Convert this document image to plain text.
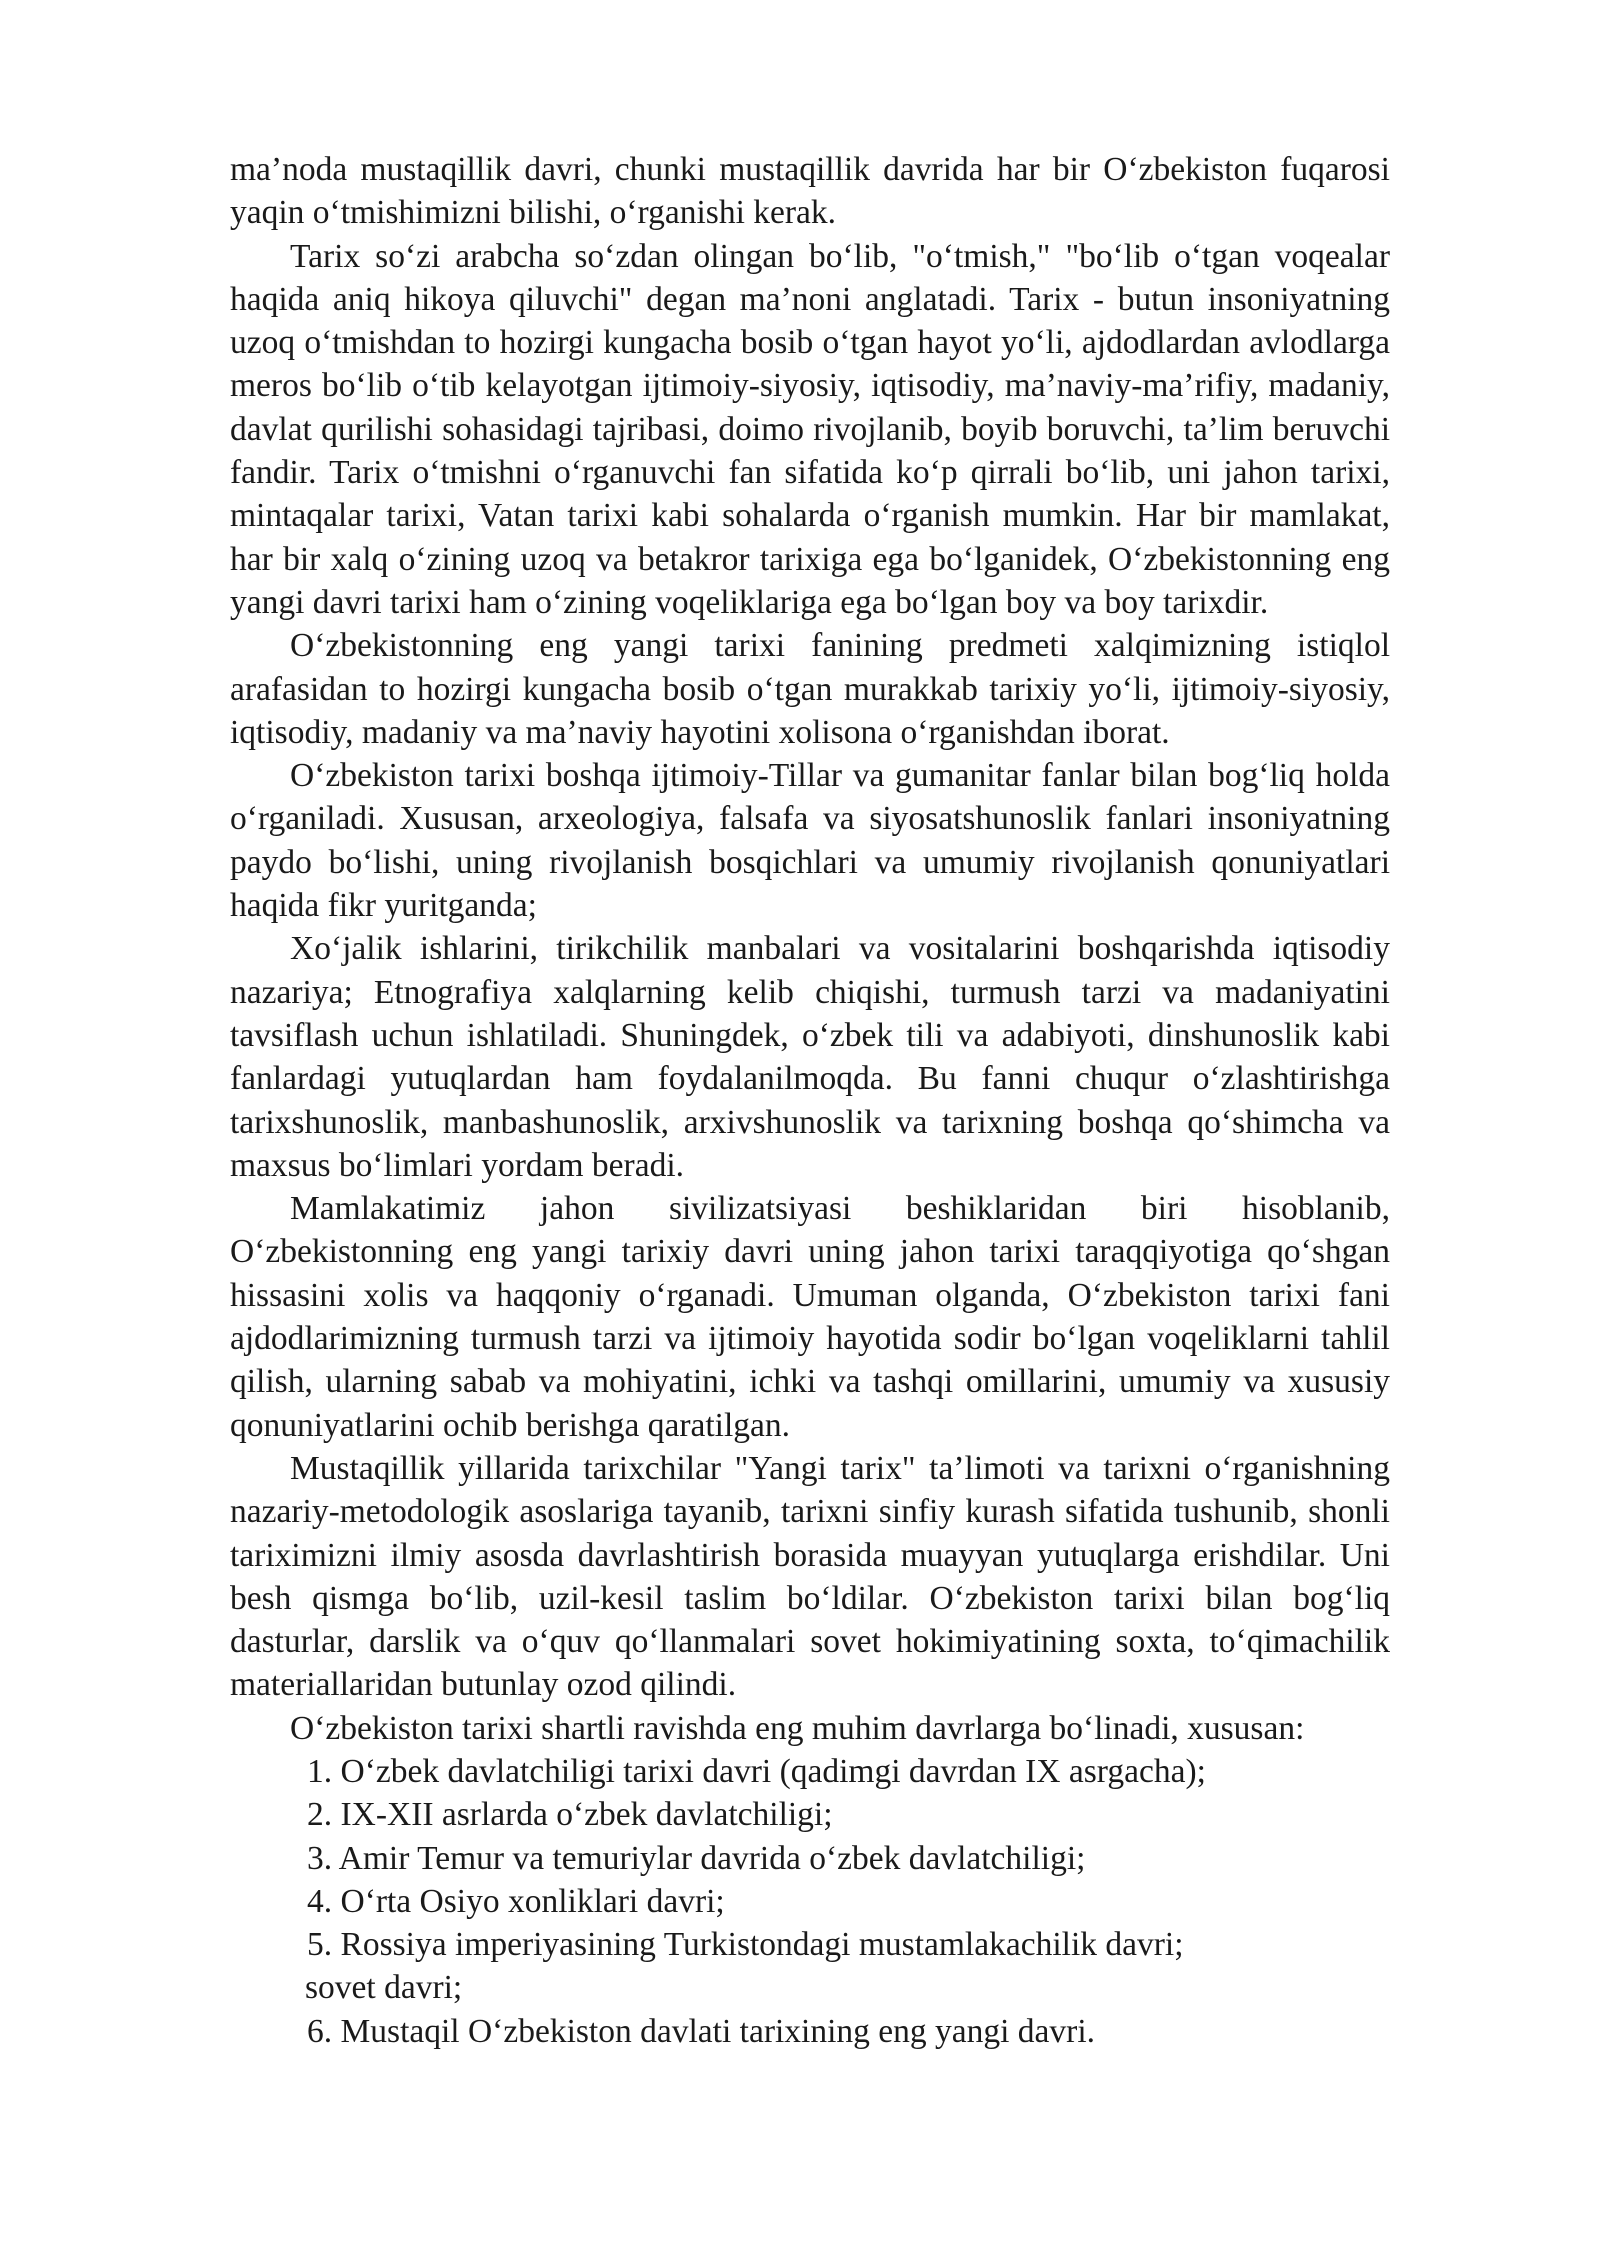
ma’noda mustaqillik davri, chunki mustaqillik davrida har bir O‘zbekiston fuqarosi yaqin o‘tmishimizni bilishi, o‘rganishi kerak.

Tarix so‘zi arabcha so‘zdan olingan bo‘lib, "o‘tmish," "bo‘lib o‘tgan voqealar haqida aniq hikoya qiluvchi" degan ma’noni anglatadi. Tarix - butun insoniyatning uzoq o‘tmishdan to hozirgi kungacha bosib o‘tgan hayot yo‘li, ajdodlardan avlodlarga meros bo‘lib o‘tib kelayotgan ijtimoiy-siyosiy, iqtisodiy, ma’naviy-ma’rifiy, madaniy, davlat qurilishi sohasidagi tajribasi, doimo rivojlanib, boyib boruvchi, ta’lim beruvchi fandir. Tarix o‘tmishni o‘rganuvchi fan sifatida ko‘p qirrali bo‘lib, uni jahon tarixi, mintaqalar tarixi, Vatan tarixi kabi sohalarda o‘rganish mumkin. Har bir mamlakat, har bir xalq o‘zining uzoq va betakror tarixiga ega bo‘lganidek, O‘zbekistonning eng yangi davri tarixi ham o‘zining voqeliklariga ega bo‘lgan boy va boy tarixdir.

O‘zbekistonning eng yangi tarixi fanining predmeti xalqimizning istiqlol arafasidan to hozirgi kungacha bosib o‘tgan murakkab tarixiy yo‘li, ijtimoiy-siyosiy, iqtisodiy, madaniy va ma’naviy hayotini xolisona o‘rganishdan iborat.

O‘zbekiston tarixi boshqa ijtimoiy-Tillar va gumanitar fanlar bilan bog‘liq holda o‘rganiladi. Xususan, arxeologiya, falsafa va siyosatshunoslik fanlari insoniyatning paydo bo‘lishi, uning rivojlanish bosqichlari va umumiy rivojlanish qonuniyatlari haqida fikr yuritganda;

Xo‘jalik ishlarini, tirikchilik manbalari va vositalarini boshqarishda iqtisodiy nazariya; Etnografiya xalqlarning kelib chiqishi, turmush tarzi va madaniyatini tavsiflash uchun ishlatiladi. Shuningdek, o‘zbek tili va adabiyoti, dinshunoslik kabi fanlardagi yutuqlardan ham foydalanilmoqda. Bu fanni chuqur o‘zlashtirishga tarixshunoslik, manbashunoslik, arxivshunoslik va tarixning boshqa qo‘shimcha va maxsus bo‘limlari yordam beradi.

Mamlakatimiz jahon sivilizatsiyasi beshiklaridan biri hisoblanib, O‘zbekistonning eng yangi tarixiy davri uning jahon tarixi taraqqiyotiga qo‘shgan hissasini xolis va haqqoniy o‘rganadi. Umuman olganda, O‘zbekiston tarixi fani ajdodlarimizning turmush tarzi va ijtimoiy hayotida sodir bo‘lgan voqeliklarni tahlil qilish, ularning sabab va mohiyatini, ichki va tashqi omillarini, umumiy va xususiy qonuniyatlarini ochib berishga qaratilgan.

Mustaqillik yillarida tarixchilar "Yangi tarix" ta’limoti va tarixni o‘rganishning nazariy-metodologik asoslariga tayanib, tarixni sinfiy kurash sifatida tushunib, shonli tariximizni ilmiy asosda davrlashtirish borasida muayyan yutuqlarga erishdilar. Uni besh qismga bo‘lib, uzil-kesil taslim bo‘ldilar. O‘zbekiston tarixi bilan bog‘liq dasturlar, darslik va o‘quv qo‘llanmalari sovet hokimiyatining soxta, to‘qimachilik materiallaridan butunlay ozod qilindi.

O‘zbekiston tarixi shartli ravishda eng muhim davrlarga bo‘linadi, xususan:

1. O‘zbek davlatchiligi tarixi davri (qadimgi davrdan IX asrgacha);
2. IX-XII asrlarda o‘zbek davlatchiligi;
3. Amir Temur va temuriylar davrida o‘zbek davlatchiligi;
4. O‘rta Osiyo xonliklari davri;
5. Rossiya imperiyasining Turkistondagi mustamlakachilik davri;
sovet davri;
6. Mustaqil O‘zbekiston davlati tarixining eng yangi davri.
